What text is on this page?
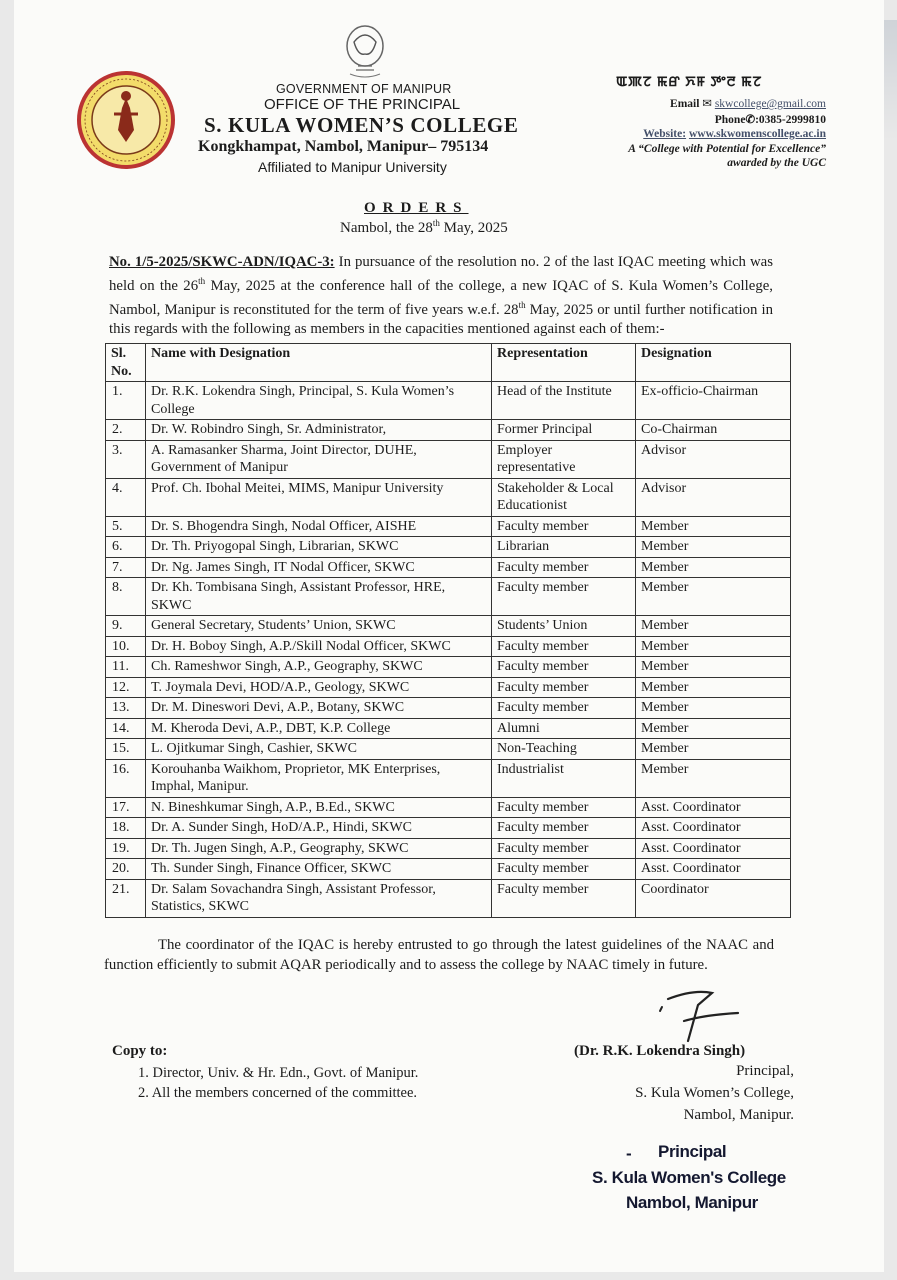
GOVERNMENT OF MANIPUR
OFFICE OF THE PRINCIPAL
S. KULA WOMEN’S COLLEGE
Kongkhampat, Nambol, Manipur– 795134
Affiliated to Manipur University
ꯑꯄꯖ ꯃꯔ ꯈꯝ ꯇꯦꯂ ꯃꯖ
Email ✉ skwcollege@gmail.com
Phone✆:0385-2999810
Website: www.skwomenscollege.ac.in
A “College with Potential for Excellence”
awarded by the UGC
ORDERS
Nambol, the 28th May, 2025
No. 1/5-2025/SKWC-ADN/IQAC-3: In pursuance of the resolution no. 2 of the last IQAC meeting which was held on the 26th May, 2025 at the conference hall of the college, a new IQAC of S. Kula Women’s College, Nambol, Manipur is reconstituted for the term of five years w.e.f. 28th May, 2025 or until further notification in this regards with the following as members in the capacities mentioned against each of them:-
Sl. No.	Name with Designation	Representation	Designation
1.	Dr. R.K. Lokendra Singh, Principal, S. Kula Women’s College	Head of the Institute	Ex-officio-Chairman
2.	Dr. W. Robindro Singh, Sr. Administrator,	Former Principal	Co-Chairman
3.	A. Ramasanker Sharma, Joint Director, DUHE, Government of Manipur	Employer representative	Advisor
4.	Prof. Ch. Ibohal Meitei, MIMS, Manipur University	Stakeholder & Local Educationist	Advisor
5.	Dr. S. Bhogendra Singh, Nodal Officer, AISHE	Faculty member	Member
6.	Dr. Th. Priyogopal Singh, Librarian, SKWC	Librarian	Member
7.	Dr. Ng. James Singh, IT Nodal Officer, SKWC	Faculty member	Member
8.	Dr. Kh. Tombisana Singh, Assistant Professor, HRE, SKWC	Faculty member	Member
9.	General Secretary, Students’ Union, SKWC	Students’ Union	Member
10.	Dr. H. Boboy Singh, A.P./Skill Nodal Officer, SKWC	Faculty member	Member
11.	Ch. Rameshwor Singh, A.P., Geography, SKWC	Faculty member	Member
12.	T. Joymala Devi, HOD/A.P., Geology, SKWC	Faculty member	Member
13.	Dr. M. Dineswori Devi, A.P., Botany, SKWC	Faculty member	Member
14.	M. Kheroda Devi, A.P., DBT, K.P. College	Alumni	Member
15.	L. Ojitkumar Singh, Cashier, SKWC	Non-Teaching	Member
16.	Korouhanba Waikhom, Proprietor, MK Enterprises, Imphal, Manipur.	Industrialist	Member
17.	N. Bineshkumar Singh, A.P., B.Ed., SKWC	Faculty member	Asst. Coordinator
18.	Dr. A. Sunder Singh, HoD/A.P., Hindi, SKWC	Faculty member	Asst. Coordinator
19.	Dr. Th. Jugen Singh, A.P., Geography, SKWC	Faculty member	Asst. Coordinator
20.	Th. Sunder Singh, Finance Officer, SKWC	Faculty member	Asst. Coordinator
21.	Dr. Salam Sovachandra Singh, Assistant Professor, Statistics, SKWC	Faculty member	Coordinator
The coordinator of the IQAC is hereby entrusted to go through the latest guidelines of the NAAC and function efficiently to submit AQAR periodically and to assess the college by NAAC timely in future.
Copy to:
1. Director, Univ. & Hr. Edn., Govt. of Manipur.
2. All the members concerned of the committee.
(Dr. R.K. Lokendra Singh)
Principal,
S. Kula Women’s College,
Nambol, Manipur.
- Principal
S. Kula Women's College
Nambol, Manipur
